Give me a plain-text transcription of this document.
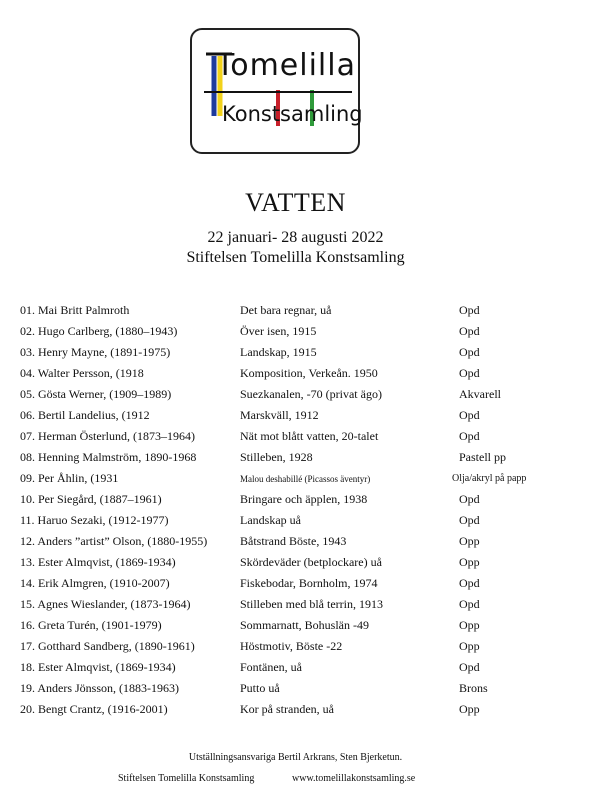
Tomelilla
Konstsamling
VATTEN
22 januari- 28 augusti 2022
Stiftelsen Tomelilla Konstsamling
01. Mai Britt Palmroth	Det bara regnar, uå	Opd
02. Hugo Carlberg, (1880–1943)	Över isen, 1915	Opd
03. Henry Mayne, (1891-1975)	Landskap, 1915	Opd
04. Walter Persson, (1918	Komposition, Verkeån. 1950	Opd
05. Gösta Werner, (1909–1989)	Suezkanalen, -70 (privat ägo)	Akvarell
06. Bertil Landelius, (1912	Marskväll, 1912	Opd
07. Herman Österlund, (1873–1964)	Nät mot blått vatten, 20-talet	Opd
08. Henning Malmström, 1890-1968	Stilleben, 1928	Pastell pp
09. Per Åhlin, (1931	Malou deshabillé (Picassos äventyr)	Olja/akryl på papp
10. Per Siegård, (1887–1961)	Bringare och äpplen, 1938	Opd
11. Haruo Sezaki, (1912-1977)	Landskap uå	Opd
12. Anders ”artist” Olson, (1880-1955)	Båtstrand Böste, 1943	Opp
13. Ester Almqvist, (1869-1934)	Skördeväder (betplockare) uå	Opp
14. Erik Almgren, (1910-2007)	Fiskebodar, Bornholm, 1974	Opd
15. Agnes Wieslander, (1873-1964)	Stilleben med blå terrin, 1913	Opd
16. Greta Turén, (1901-1979)	Sommarnatt, Bohuslän -49	Opp
17. Gotthard Sandberg, (1890-1961)	Höstmotiv, Böste -22	Opp
18. Ester Almqvist, (1869-1934)	Fontänen, uå	Opd
19. Anders Jönsson, (1883-1963)	Putto uå	Brons
20. Bengt Crantz, (1916-2001)	Kor på stranden, uå	Opp
Utställningsansvariga Bertil Arkrans, Sten Bjerketun.
Stiftelsen Tomelilla Konstsamling	www.tomelillakonstsamling.se
